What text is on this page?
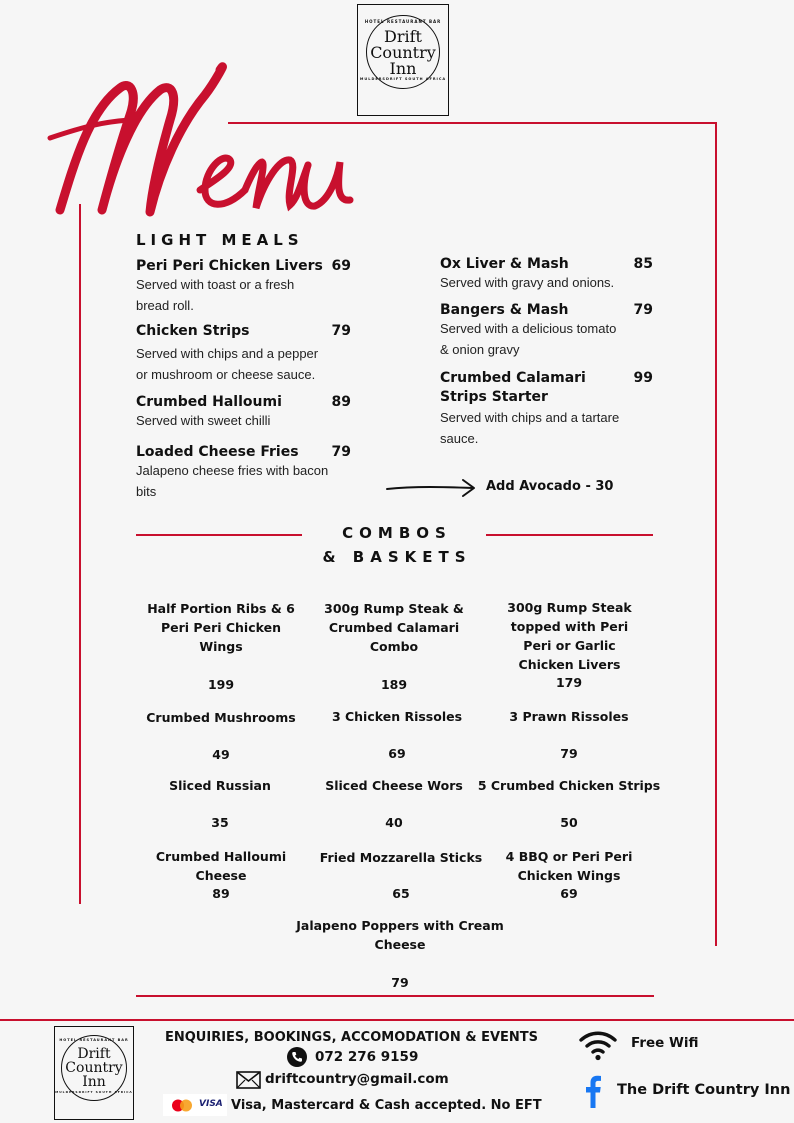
HOTEL RESTAURANT BAR
Drift
Country
Inn
MULDERSDRIFT SOUTH AFRICA
LIGHT MEALS
Peri Peri Chicken Livers 69
Served with toast or a fresh
bread roll.
Chicken Strips	79
Served with chips and a pepper
or mushroom or cheese sauce.
Crumbed Halloumi	89
Served with sweet chilli
Loaded Cheese Fries 79
Jalapeno cheese fries with bacon
bits
Ox Liver & Mash	85
Served with gravy and onions.
Bangers & Mash	79
Served with a delicious tomato
& onion gravy
Crumbed Calamari	99
Strips Starter
Served with chips and a tartare
sauce.
Add Avocado - 30
COMBOS
& BASKETS
Half Portion Ribs & 6 Peri Peri Chicken Wings
199
300g Rump Steak & Crumbed Calamari Combo
189
300g Rump Steak topped with Peri Peri or Garlic Chicken Livers
179
Crumbed Mushrooms
49
3 Chicken Rissoles
69
3 Prawn Rissoles
79
Sliced Russian
35
Sliced Cheese Wors
40
5 Crumbed Chicken Strips
50
Crumbed Halloumi Cheese
89
Fried Mozzarella Sticks
65
4 BBQ or Peri Peri Chicken Wings
69
Jalapeno Poppers with Cream Cheese
79
HOTEL RESTAURANT BAR
Drift
Country
Inn
MULDERSDRIFT SOUTH AFRICA
ENQUIRIES, BOOKINGS, ACCOMODATION & EVENTS
072 276 9159
driftcountry@gmail.com
VISA Visa, Mastercard & Cash accepted. No EFT
Free Wifi
The Drift Country Inn
